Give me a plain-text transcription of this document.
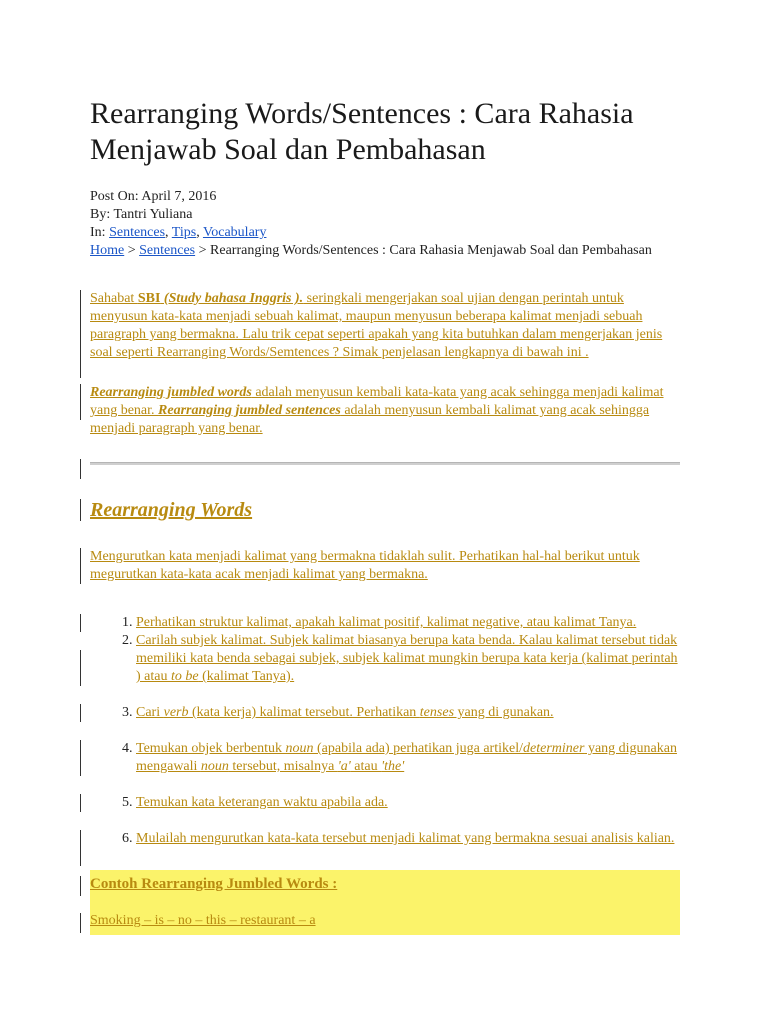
Rearranging Words/Sentences : Cara Rahasia Menjawab Soal dan Pembahasan
Post On: April 7, 2016
By: Tantri Yuliana
In: Sentences, Tips, Vocabulary
Home > Sentences > Rearranging Words/Sentences : Cara Rahasia Menjawab Soal dan Pembahasan
Sahabat SBI (Study bahasa Inggris ). seringkali mengerjakan soal ujian dengan perintah untuk menyusun kata-kata menjadi sebuah kalimat, maupun menyusun beberapa kalimat menjadi sebuah paragraph yang bermakna. Lalu trik cepat seperti apakah yang kita butuhkan dalam mengerjakan jenis soal seperti Rearranging Words/Semtences ? Simak penjelasan lengkapnya di bawah ini .
Rearranging jumbled words adalah menyusun kembali kata-kata yang acak sehingga menjadi kalimat yang benar. Rearranging jumbled sentences adalah menyusun kembali kalimat yang acak sehingga menjadi paragraph yang benar.
Rearranging Words
Mengurutkan kata menjadi kalimat yang bermakna tidaklah sulit. Perhatikan hal-hal berikut untuk megurutkan kata-kata acak menjadi kalimat yang bermakna.
1. Perhatikan struktur kalimat, apakah kalimat positif, kalimat negative, atau kalimat Tanya.
2. Carilah subjek kalimat. Subjek kalimat biasanya berupa kata benda. Kalau kalimat tersebut tidak memiliki kata benda sebagai subjek, subjek kalimat mungkin berupa kata kerja (kalimat perintah ) atau to be (kalimat Tanya).
3. Cari verb (kata kerja) kalimat tersebut. Perhatikan tenses yang di gunakan.
4. Temukan objek berbentuk noun (apabila ada) perhatikan juga artikel/determiner yang digunakan mengawali noun tersebut, misalnya 'a' atau 'the'
5. Temukan kata keterangan waktu apabila ada.
6. Mulailah mengurutkan kata-kata tersebut menjadi kalimat yang bermakna sesuai analisis kalian.
Contoh Rearranging Jumbled Words :
Smoking – is – no – this – restaurant – a
